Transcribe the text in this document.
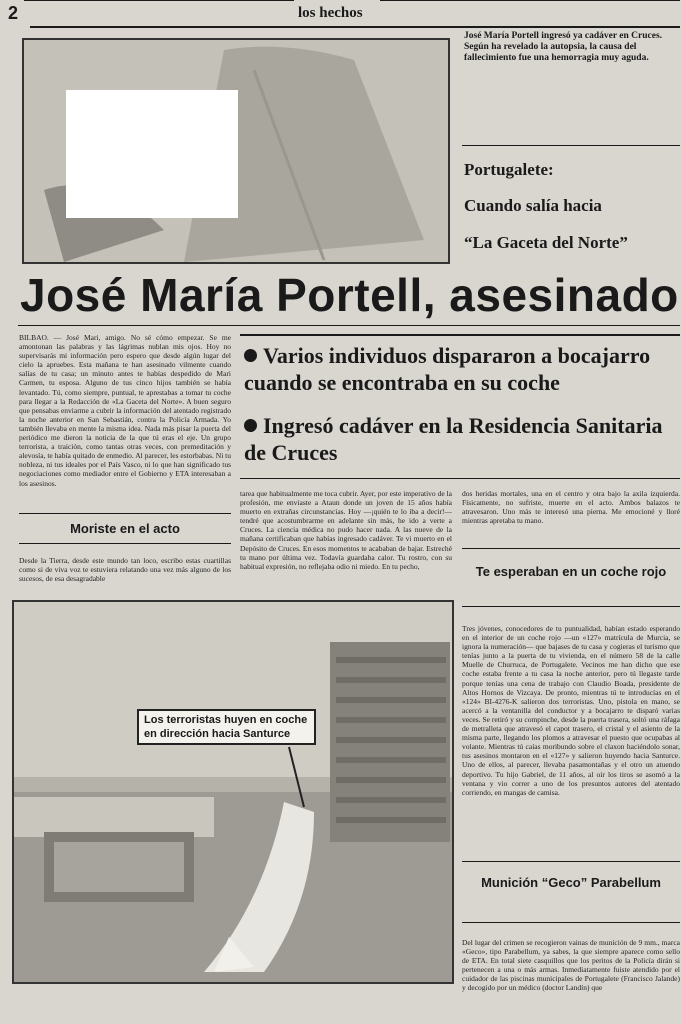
2	los hechos
José María Portell ingresó ya cadáver en Cruces. Según ha revelado la autopsia, la causa del fallecimiento fue una hemorragia muy aguda.
Portugalete:
Cuando salía hacia
“La Gaceta del Norte”
José María Portell, asesinado
BILBAO. — José Mari, amigo. No sé cómo empezar. Se me amontonan las palabras y las lágrimas nublan mis ojos. Hoy no supervisarás mi información pero espero que desde algún lugar del cielo la apruebes. Esta mañana te han asesinado vilmente cuando salías de tu casa; un minuto antes te habías despedido de Mari Carmen, tu esposa. Alguno de tus cinco hijos también se había levantado. Tú, como siempre, puntual, te aprestabas a tomar tu coche para llegar a la Redacción de «La Gaceta del Norte». A buen seguro que pensabas enviarme a cubrir la información del atentado registrado la noche anterior en San Sebastián, contra la Policía Armada. Yo también llevaba en mente la misma idea. Nada más pisar la puerta del periódico me dieron la noticia de la que tú eras el eje. Un grupo terrorista, a traición, como tantas otras veces, con premeditación y alevosía, te había quitado de enmedio. Al parecer, les estorbabas. Ni tu nobleza, ni tus ideales por el País Vasco, ni lo que han significado tus negociaciones como mediador entre el Gobierno y ETA interesaban a los asesinos.
Varios individuos dispararon a bocajarro cuando se encontraba en su coche
Ingresó cadáver en la Residencia Sanitaria de Cruces
Moriste en el acto
Desde la Tierra, desde este mundo tan loco, escribo estas cuartillas como si de viva voz te estuviera relatando una vez más alguno de los sucesos, de esa desagradable
tarea que habitualmente me toca cubrir. Ayer, por este imperativo de la profesión, me enviaste a Ataun donde un joven de 15 años había muerto en extrañas circunstancias. Hoy —¡quién te lo iba a decir!— tendré que acostumbrarme en adelante sin más, he ido a verte a Cruces. La ciencia médica no pudo hacer nada. A las nueve de la mañana certificaban que habías ingresado cadáver. Te vi muerto en el Depósito de Cruces. En esos momentos te acababan de bajar. Estreché tu mano por última vez. Todavía guardaba calor. Tu rostro, con su habitual expresión, no reflejaba odio ni miedo. En tu pecho,
dos heridas mortales, una en el centro y otra bajo la axila izquierda. Físicamente, no sufriste, muerte en el acto. Ambos balazos te atravesaron. Uno más te interesó una pierna. Me emocioné y lloré mientras apretaba tu mano.
Te esperaban en un coche rojo
Tres jóvenes, conocedores de tu puntualidad, habían estado esperando en el interior de un coche rojo —un «127» matrícula de Murcia, se ignora la numeración— que bajases de tu casa y cogieras el turismo que tenías junto a la puerta de tu vivienda, en el número 58 de la calle Muelle de Churruca, de Portugalete. Vecinos me han dicho que ese coche estaba frente a tu casa la noche anterior, pero tú llegaste tarde porque tenías una cena de trabajo con Claudio Boada, presidente de Altos Hornos de Vizcaya. De pronto, mientras tú te introducías en el «124» BI-4276-K salieron dos terroristas. Uno, pistola en mano, se acercó a la ventanilla del conductor y a bocajarro te disparó varias veces. Se retiró y su compinche, desde la puerta trasera, soltó una ráfaga de metralleta que atravesó el capot trasero, el cristal y el asiento de la misma parte, llegando los plomos a atravesar el puesto que ocupabas al volante. Mientras tú caías moribundo sobre el claxon haciéndolo sonar, tus asesinos montaron en el «127» y salieron huyendo hacia Santurce. Uno de ellos, al parecer, llevaba pasamontañas y el otro un atuendo deportivo. Tu hijo Gabriel, de 11 años, al oír los tiros se asomó a la ventana y vio correr a uno de los presuntos autores del atentado corriendo, en mangas de camisa.
Munición “Geco” Parabellum
Del lugar del crimen se recogieron vainas de munición de 9 mm., marca «Geco», tipo Parabellum, ya sabes, la que siempre aparece como sello de ETA. En total siete casquillos que los peritos de la Policía dirán si pertenecen a una o más armas. Inmediatamente fuiste atendido por el cuidador de las piscinas municipales de Portugalete (Francisco Jalande) y decogido por un médico (doctor Landín) que
Los terroristas huyen en coche en dirección hacia Santurce
